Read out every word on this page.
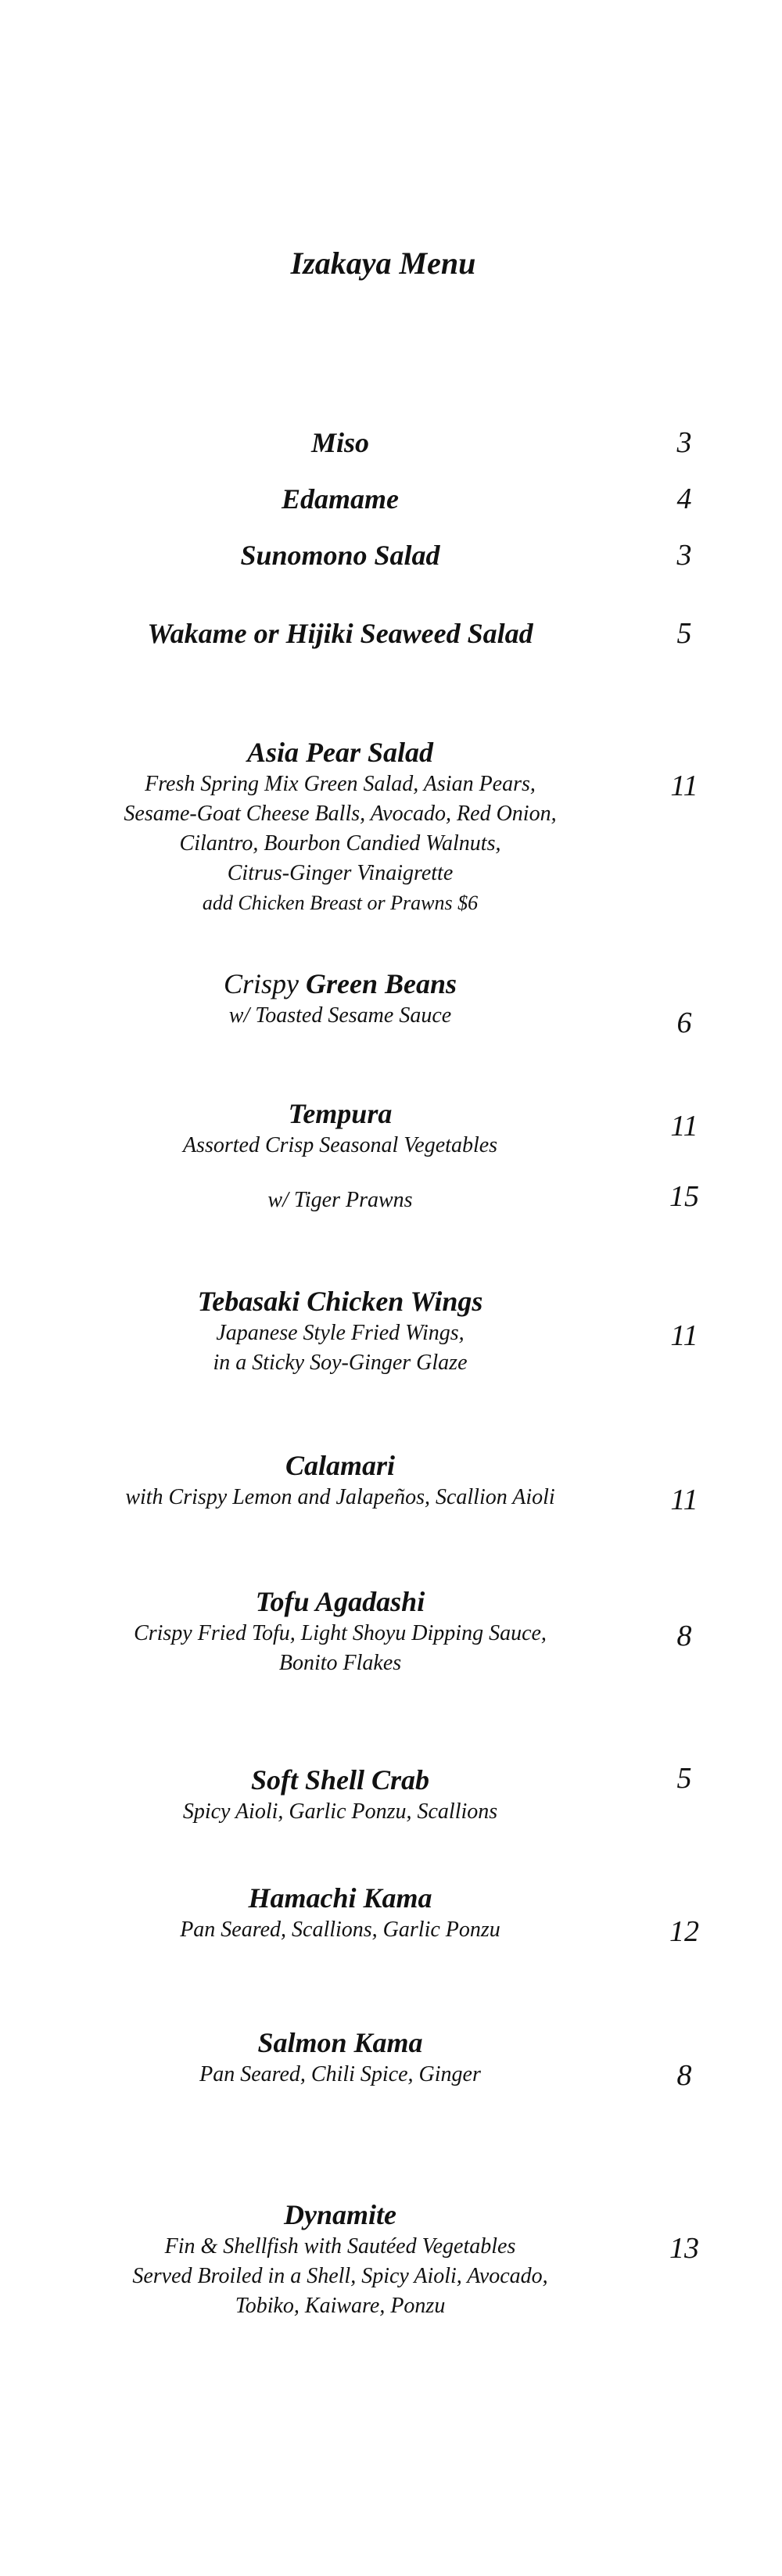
Izakaya Menu
Miso	3
Edamame	4
Sunomono Salad	3
Wakame or Hijiki Seaweed Salad	5
Asia Pear Salad
Fresh Spring Mix Green Salad, Asian Pears,
Sesame-Goat Cheese Balls, Avocado, Red Onion,
Cilantro, Bourbon Candied Walnuts,
Citrus-Ginger Vinaigrette
add Chicken Breast or Prawns $6
11
Crispy Green Beans
w/ Toasted Sesame Sauce	6
Tempura
Assorted Crisp Seasonal Vegetables
11
w/ Tiger Prawns	15
Tebasaki Chicken Wings
Japanese Style Fried Wings,
in a Sticky Soy-Ginger Glaze
11
Calamari
with Crispy Lemon and Jalapeños, Scallion Aioli	11
Tofu Agadashi
Crispy Fried Tofu, Light Shoyu Dipping Sauce,
Bonito Flakes
8
Soft Shell Crab
Spicy Aioli, Garlic Ponzu, Scallions
5
Hamachi Kama
Pan Seared, Scallions, Garlic Ponzu	12
Salmon Kama
Pan Seared, Chili Spice, Ginger	8
Dynamite
Fin & Shellfish with Sautéed Vegetables
Served Broiled in a Shell, Spicy Aioli, Avocado,
Tobiko, Kaiware, Ponzu
13
